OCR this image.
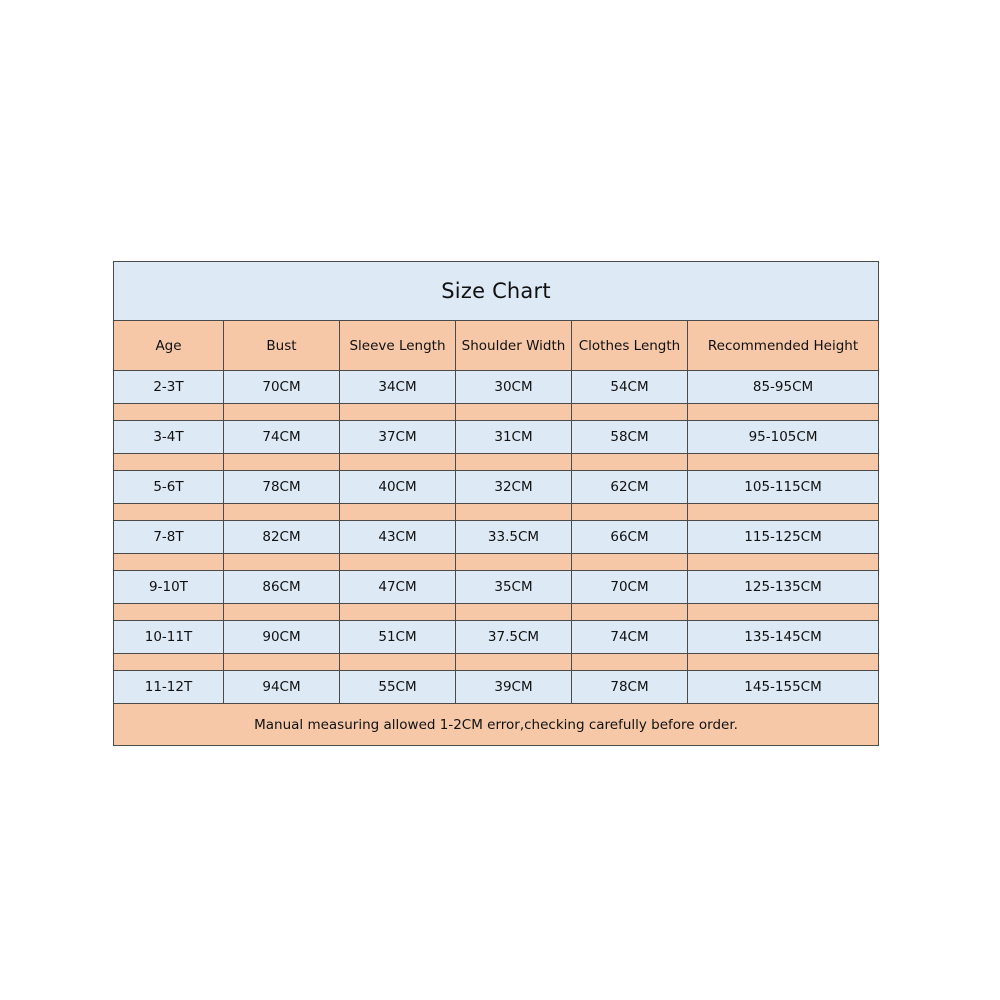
Size Chart					
Age	Bust	Sleeve Length	Shoulder Width	Clothes Length	Recommended Height
2-3T	70CM	34CM	30CM	54CM	85-95CM

3-4T	74CM	37CM	31CM	58CM	95-105CM

5-6T	78CM	40CM	32CM	62CM	105-115CM

7-8T	82CM	43CM	33.5CM	66CM	115-125CM

9-10T	86CM	47CM	35CM	70CM	125-135CM

10-11T	90CM	51CM	37.5CM	74CM	135-145CM

11-12T	94CM	55CM	39CM	78CM	145-155CM
Manual measuring allowed 1-2CM error,checking carefully before order.					
